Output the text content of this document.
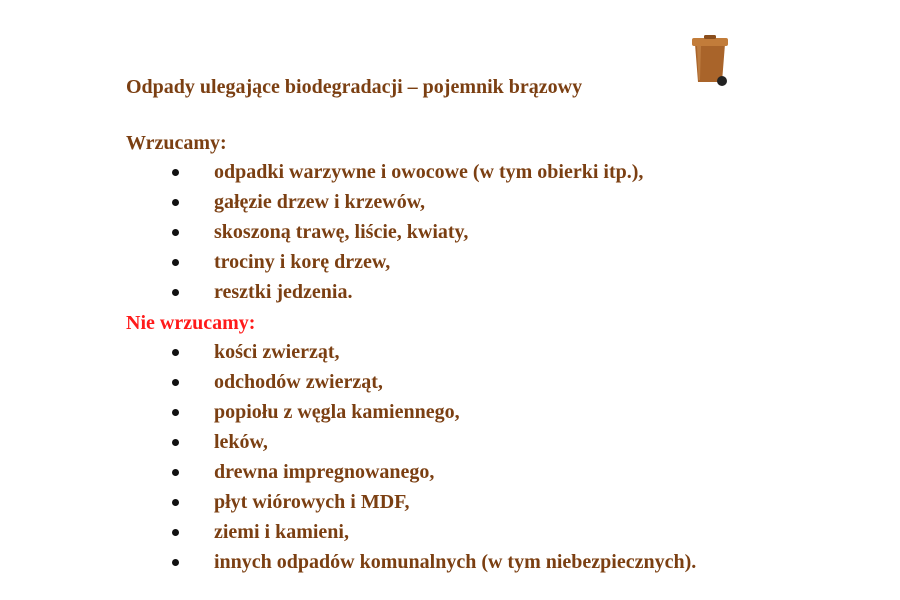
Odpady ulegające biodegradacji – pojemnik brązowy

Wrzucamy:

odpadki warzywne i owocowe (w tym obierki itp.),
gałęzie drzew i krzewów,
skoszoną trawę, liście, kwiaty,
trociny i korę drzew,
resztki jedzenia.

Nie wrzucamy:

kości zwierząt,
odchodów zwierząt,
popiołu z węgla kamiennego,
leków,
drewna impregnowanego,
płyt wiórowych i MDF,
ziemi i kamieni,
innych odpadów komunalnych (w tym niebezpiecznych).
